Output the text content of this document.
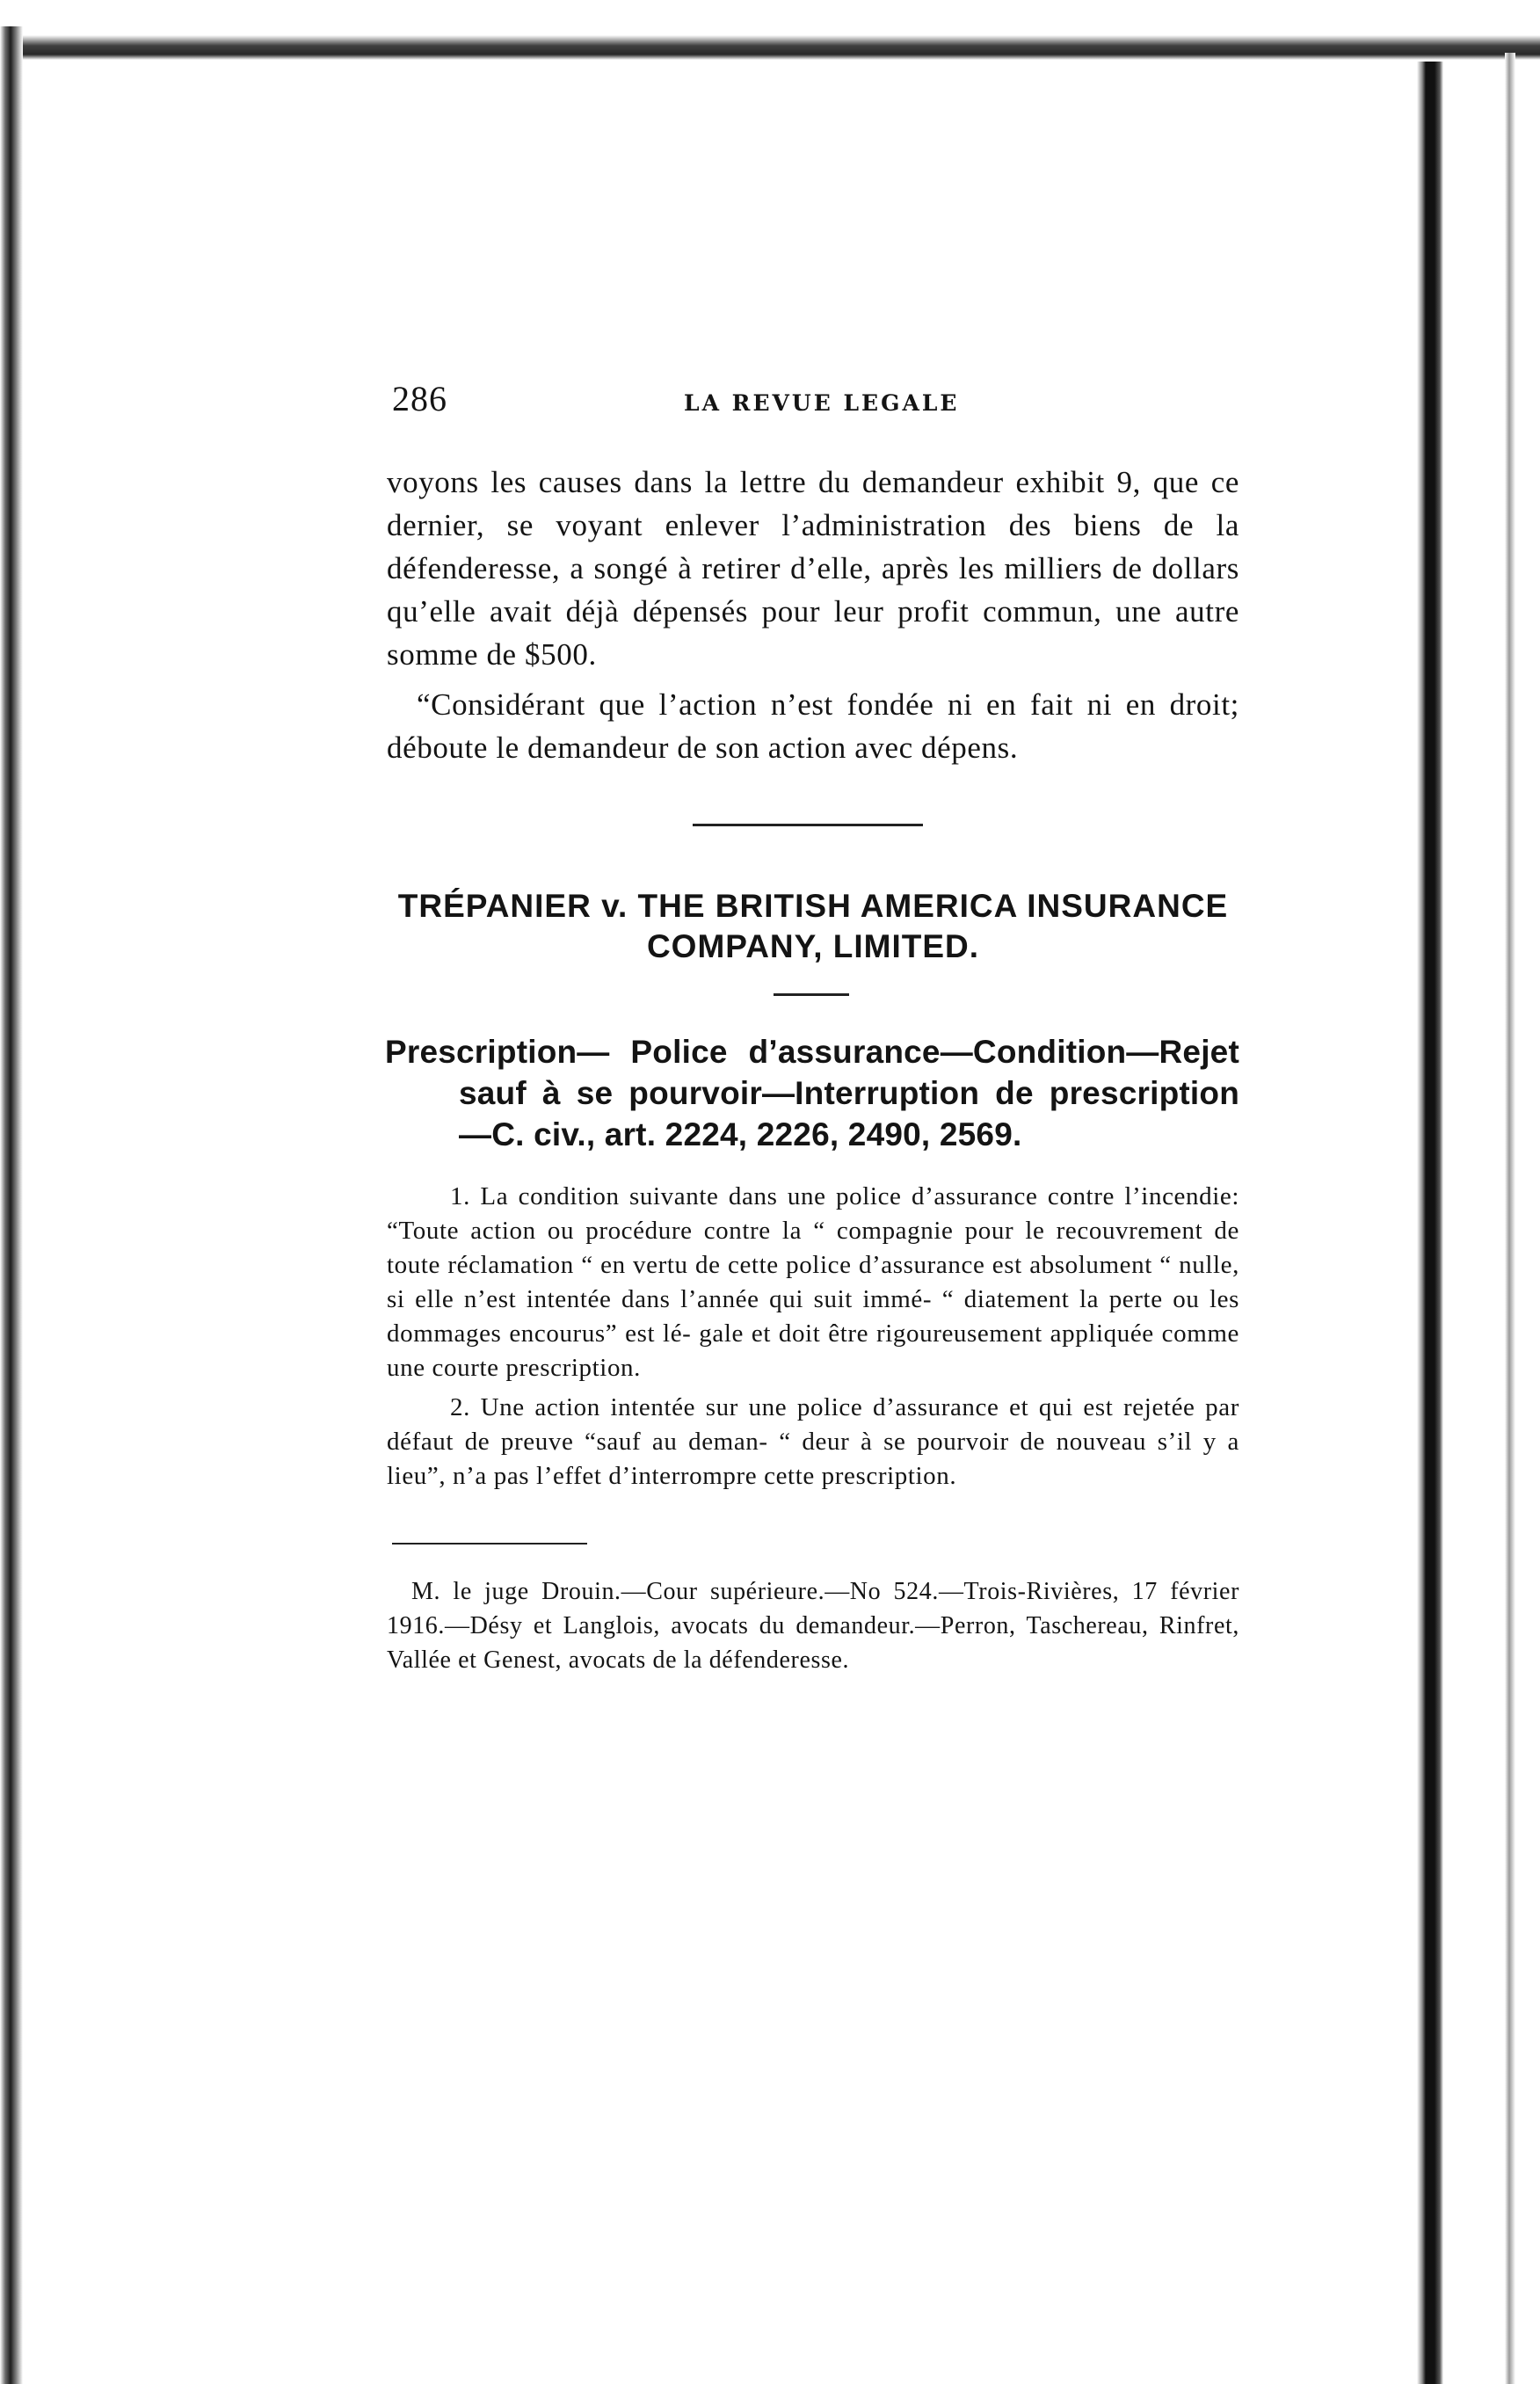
286	LA REVUE LEGALE

voyons les causes dans la lettre du demandeur exhibit 9, que ce dernier, se voyant enlever l’administration des biens de la défenderesse, a songé à retirer d’elle, après les milliers de dollars qu’elle avait déjà dépensés pour leur profit commun, une autre somme de $500.

“Considérant que l’action n’est fondée ni en fait ni en droit; déboute le demandeur de son action avec dépens.

TRÉPANIER v. THE BRITISH AMERICA INSURANCE
COMPANY, LIMITED.
Prescription— Police d’assurance—Condition—Rejet sauf à se pourvoir—Interruption de prescription —C. civ., art. 2224, 2226, 2490, 2569.

1. La condition suivante dans une police d’assurance contre l’incendie: “Toute action ou procédure contre la “ compagnie pour le recouvrement de toute réclamation “ en vertu de cette police d’assurance est absolument “ nulle, si elle n’est intentée dans l’année qui suit immé- “ diatement la perte ou les dommages encourus” est lé- gale et doit être rigoureusement appliquée comme une courte prescription.

2. Une action intentée sur une police d’assurance et qui est rejetée par défaut de preuve “sauf au deman- “ deur à se pourvoir de nouveau s’il y a lieu”, n’a pas l’effet d’interrompre cette prescription.

M. le juge Drouin.—Cour supérieure.—No 524.—Trois-Rivières, 17 février 1916.—Désy et Langlois, avocats du demandeur.—Perron, Taschereau, Rinfret, Vallée et Genest, avocats de la défenderesse.
